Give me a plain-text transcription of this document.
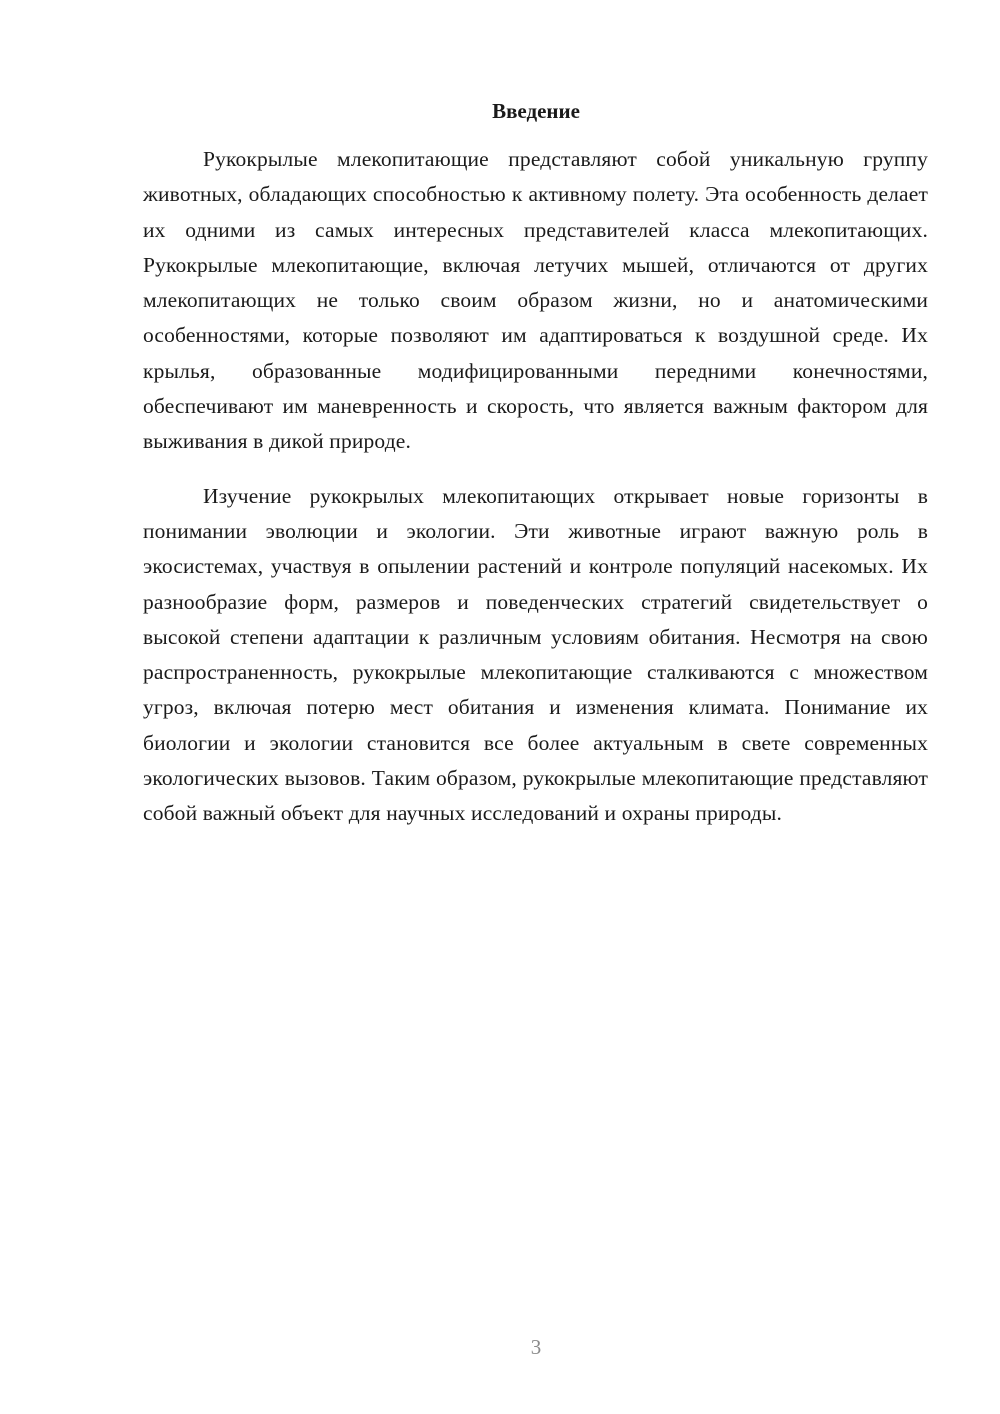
Введение

Рукокрылые млекопитающие представляют собой уникальную группу животных, обладающих способностью к активному полету. Эта особенность делает их одними из самых интересных представителей класса млекопитающих. Рукокрылые млекопитающие, включая летучих мышей, отличаются от других млекопитающих не только своим образом жизни, но и анатомическими особенностями, которые позволяют им адаптироваться к воздушной среде. Их крылья, образованные модифицированными передними конечностями, обеспечивают им маневренность и скорость, что является важным фактором для выживания в дикой природе.

Изучение рукокрылых млекопитающих открывает новые горизонты в понимании эволюции и экологии. Эти животные играют важную роль в экосистемах, участвуя в опылении растений и контроле популяций насекомых. Их разнообразие форм, размеров и поведенческих стратегий свидетельствует о высокой степени адаптации к различным условиям обитания. Несмотря на свою распространенность, рукокрылые млекопитающие сталкиваются с множеством угроз, включая потерю мест обитания и изменения климата. Понимание их биологии и экологии становится все более актуальным в свете современных экологических вызовов. Таким образом, рукокрылые млекопитающие представляют собой важный объект для научных исследований и охраны природы.

3
